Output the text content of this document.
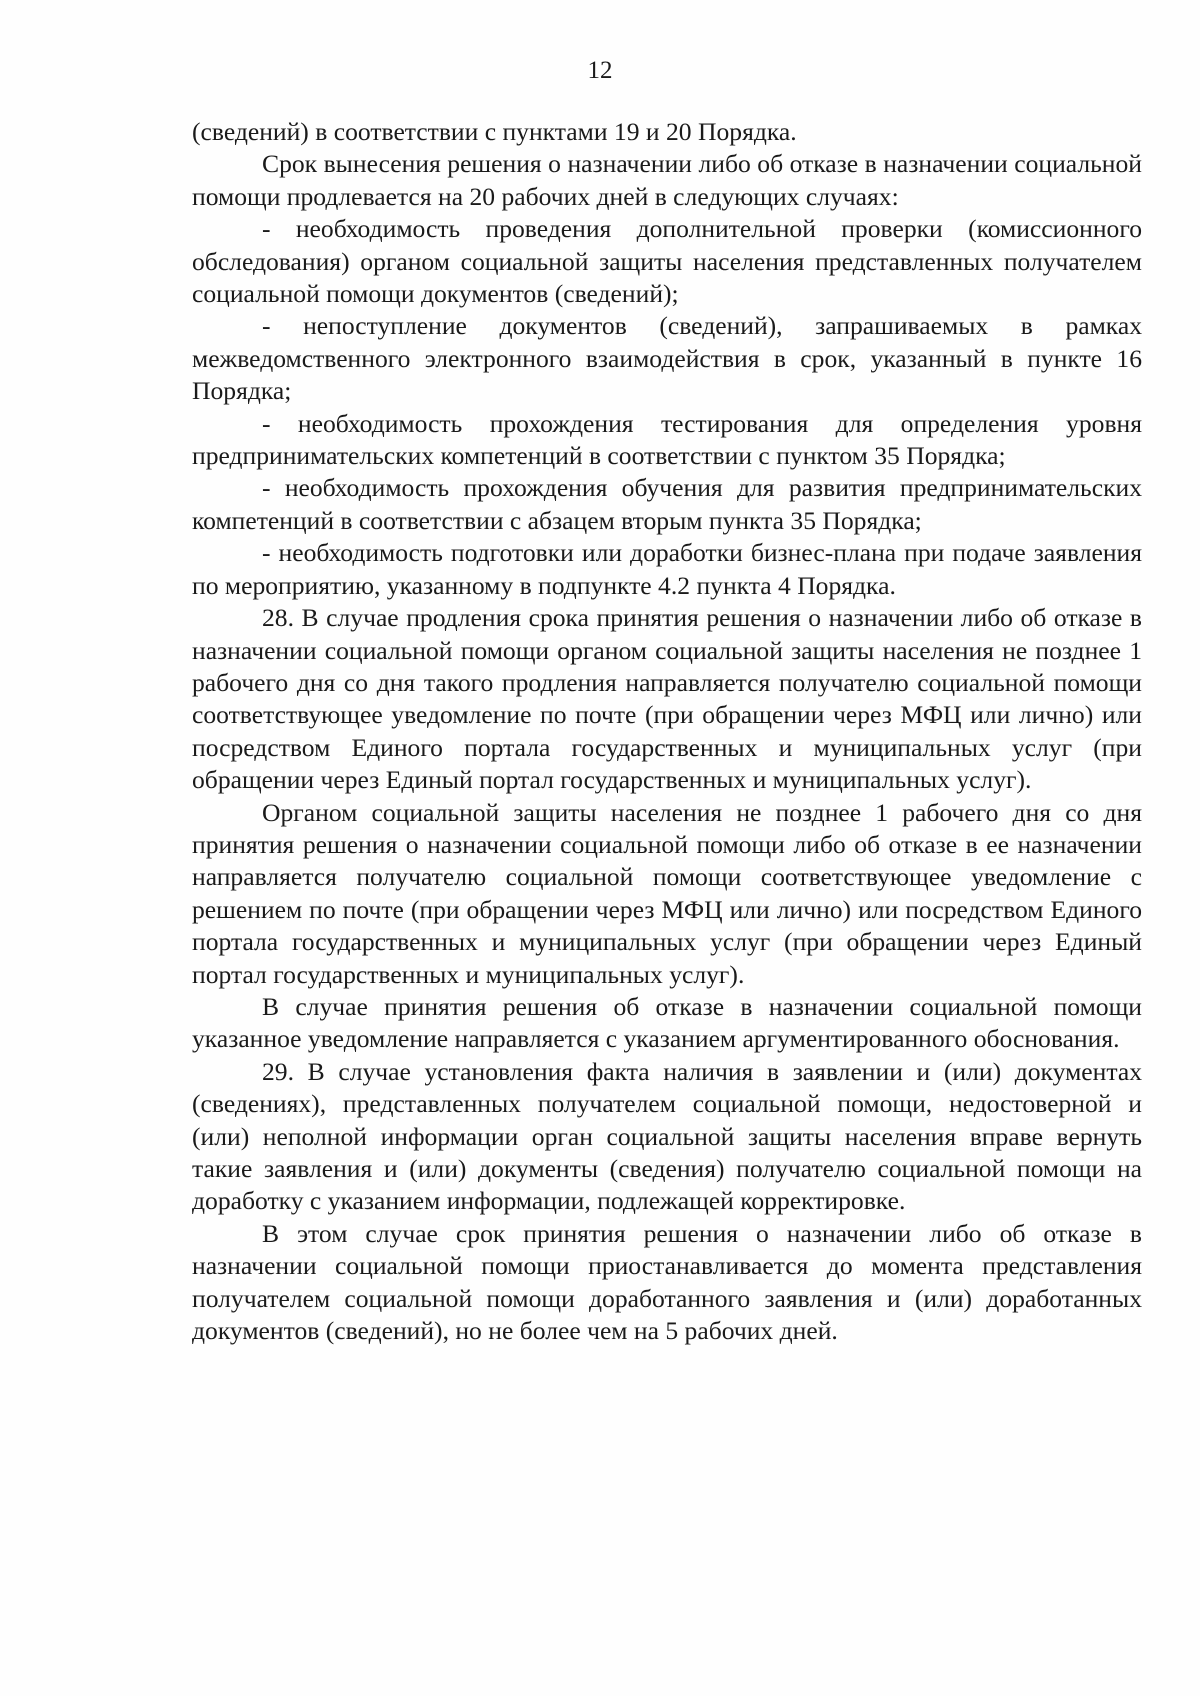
12

(сведений) в соответствии с пунктами 19 и 20 Порядка.

Срок вынесения решения о назначении либо об отказе в назначении социальной помощи продлевается на 20 рабочих дней в следующих случаях:

- необходимость проведения дополнительной проверки (комиссионного обследования) органом социальной защиты населения представленных получателем социальной помощи документов (сведений);

- непоступление документов (сведений), запрашиваемых в рамках межведомственного электронного взаимодействия в срок, указанный в пункте 16 Порядка;

- необходимость прохождения тестирования для определения уровня предпринимательских компетенций в соответствии с пунктом 35 Порядка;

- необходимость прохождения обучения для развития предпринимательских компетенций в соответствии с абзацем вторым пункта 35 Порядка;

- необходимость подготовки или доработки бизнес-плана при подаче заявления по мероприятию, указанному в подпункте 4.2 пункта 4 Порядка.

28. В случае продления срока принятия решения о назначении либо об отказе в назначении социальной помощи органом социальной защиты населения не позднее 1 рабочего дня со дня такого продления направляется получателю социальной помощи соответствующее уведомление по почте (при обращении через МФЦ или лично) или посредством Единого портала государственных и муниципальных услуг (при обращении через Единый портал государственных и муниципальных услуг).

Органом социальной защиты населения не позднее 1 рабочего дня со дня принятия решения о назначении социальной помощи либо об отказе в ее назначении направляется получателю социальной помощи соответствующее уведомление с решением по почте (при обращении через МФЦ или лично) или посредством Единого портала государственных и муниципальных услуг (при обращении через Единый портал государственных и муниципальных услуг).

В случае принятия решения об отказе в назначении социальной помощи указанное уведомление направляется с указанием аргументированного обоснования.

29. В случае установления факта наличия в заявлении и (или) документах (сведениях), представленных получателем социальной помощи, недостоверной и (или) неполной информации орган социальной защиты населения вправе вернуть такие заявления и (или) документы (сведения) получателю социальной помощи на доработку с указанием информации, подлежащей корректировке.

В этом случае срок принятия решения о назначении либо об отказе в назначении социальной помощи приостанавливается до момента представления получателем социальной помощи доработанного заявления и (или) доработанных документов (сведений), но не более чем на 5 рабочих дней.
